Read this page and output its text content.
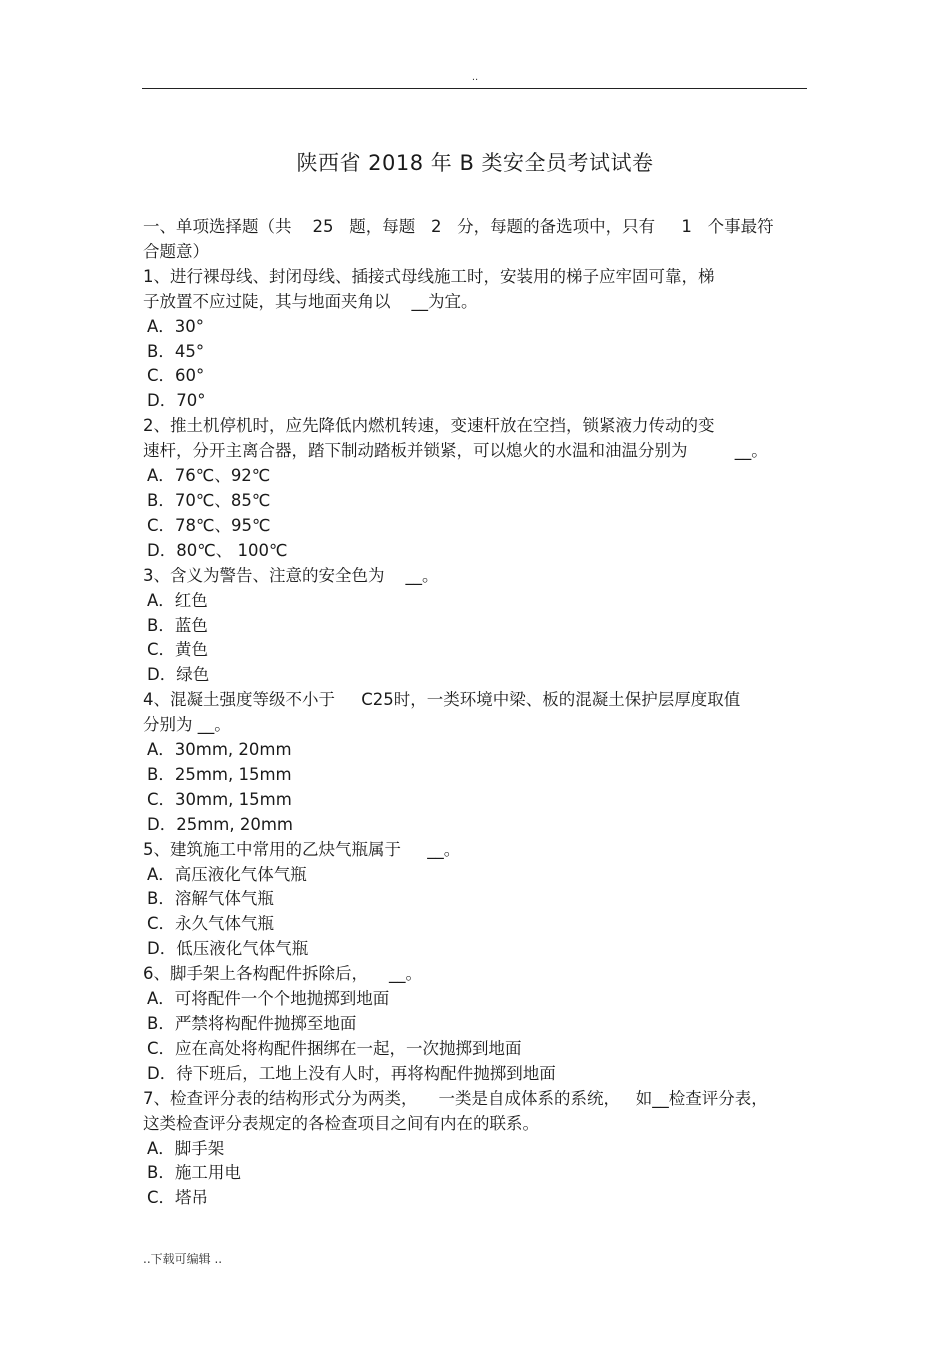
..
陕西省 2018 年 B 类安全员考试试卷
一、单项选择题（共    25   题，每题   2   分，每题的备选项中，只有     1   个事最符
合题意）
1、进行裸母线、封闭母线、插接式母线施工时，安装用的梯子应牢固可靠，梯
子放置不应过陡，其与地面夹角以    __为宜。
A．30°
B．45°
C．60°
D．70°
2、推土机停机时，应先降低内燃机转速，变速杆放在空挡，锁紧液力传动的变
速杆，分开主离合器，踏下制动踏板并锁紧，可以熄火的水温和油温分别为         __。
A．76℃、92℃
B．70℃、85℃
C．78℃、95℃
D．80℃、 100℃
3、含义为警告、注意的安全色为    __。
A．红色
B．蓝色
C．黄色
D．绿色
4、混凝土强度等级不小于     C25时，一类环境中梁、板的混凝土保护层厚度取值
分别为 __。
A．30mm, 20mm
B．25mm, 15mm
C．30mm, 15mm
D．25mm, 20mm
5、建筑施工中常用的乙炔气瓶属于     __。
A．高压液化气体气瓶
B．溶解气体气瓶
C．永久气体气瓶
D．低压液化气体气瓶
6、脚手架上各构配件拆除后，    __。
A．可将配件一个个地抛掷到地面
B．严禁将构配件抛掷至地面
C．应在高处将构配件捆绑在一起，一次抛掷到地面
D．待下班后，工地上没有人时，再将构配件抛掷到地面
7、检查评分表的结构形式分为两类，    一类是自成体系的系统，   如__检查评分表，
这类检查评分表规定的各检查项目之间有内在的联系。
A．脚手架
B．施工用电
C．塔吊
..下载可编辑 ..
